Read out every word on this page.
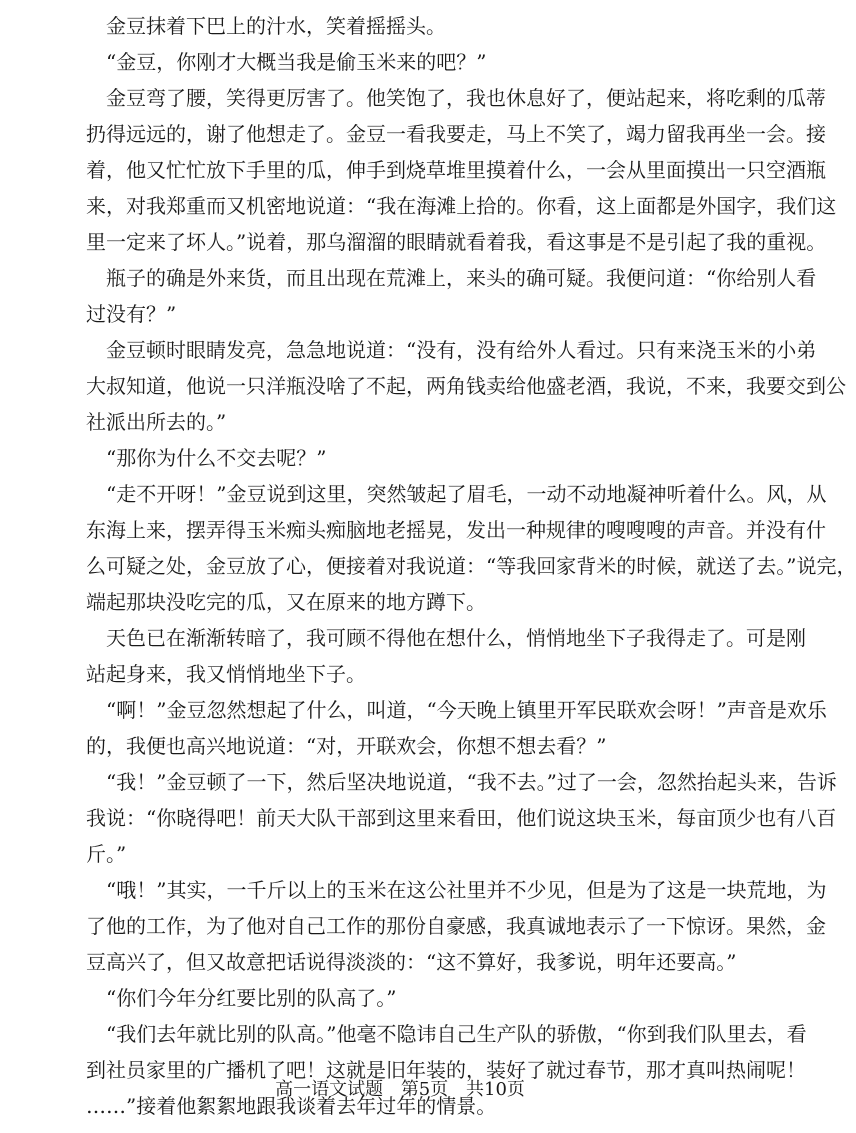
金豆抹着下巴上的汁水，笑着摇摇头。
“金豆，你刚才大概当我是偷玉米来的吧？”
金豆弯了腰，笑得更厉害了。他笑饱了，我也休息好了，便站起来，将吃剩的瓜蒂
扔得远远的，谢了他想走了。金豆一看我要走，马上不笑了，竭力留我再坐一会。接
着，他又忙忙放下手里的瓜，伸手到烧草堆里摸着什么，一会从里面摸出一只空酒瓶
来，对我郑重而又机密地说道：“我在海滩上拾的。你看，这上面都是外国字，我们这
里一定来了坏人。”说着，那乌溜溜的眼睛就看着我，看这事是不是引起了我的重视。
瓶子的确是外来货，而且出现在荒滩上，来头的确可疑。我便问道：“你给别人看
过没有？”
金豆顿时眼睛发亮，急急地说道：“没有，没有给外人看过。只有来浇玉米的小弟
大叔知道，他说一只洋瓶没啥了不起，两角钱卖给他盛老酒，我说，不来，我要交到公
社派出所去的。”
“那你为什么不交去呢？”
“走不开呀！”金豆说到这里，突然皱起了眉毛，一动不动地凝神听着什么。风，从
东海上来，摆弄得玉米痴头痴脑地老摇晃，发出一种规律的嗖嗖嗖的声音。并没有什
么可疑之处，金豆放了心，便接着对我说道：“等我回家背米的时候，就送了去。”说完，
端起那块没吃完的瓜，又在原来的地方蹲下。
天色已在渐渐转暗了，我可顾不得他在想什么，悄悄地坐下子我得走了。可是刚
站起身来，我又悄悄地坐下子。
“啊！”金豆忽然想起了什么，叫道，“今天晚上镇里开军民联欢会呀！”声音是欢乐
的，我便也高兴地说道：“对，开联欢会，你想不想去看？”
“我！”金豆顿了一下，然后坚决地说道，“我不去。”过了一会，忽然抬起头来，告诉
我说：“你晓得吧！前天大队干部到这里来看田，他们说这块玉米，每亩顶少也有八百
斤。”
“哦！”其实，一千斤以上的玉米在这公社里并不少见，但是为了这是一块荒地，为
了他的工作，为了他对自己工作的那份自豪感，我真诚地表示了一下惊讶。果然，金
豆高兴了，但又故意把话说得淡淡的：“这不算好，我爹说，明年还要高。”
“你们今年分红要比别的队高了。”
“我们去年就比别的队高。”他毫不隐讳自己生产队的骄傲，“你到我们队里去，看
到社员家里的广播机了吧！这就是旧年装的，装好了就过春节，那才真叫热闹呢！
……”接着他絮絮地跟我谈着去年过年的情景。
高一语文试题 第5页 共10页
